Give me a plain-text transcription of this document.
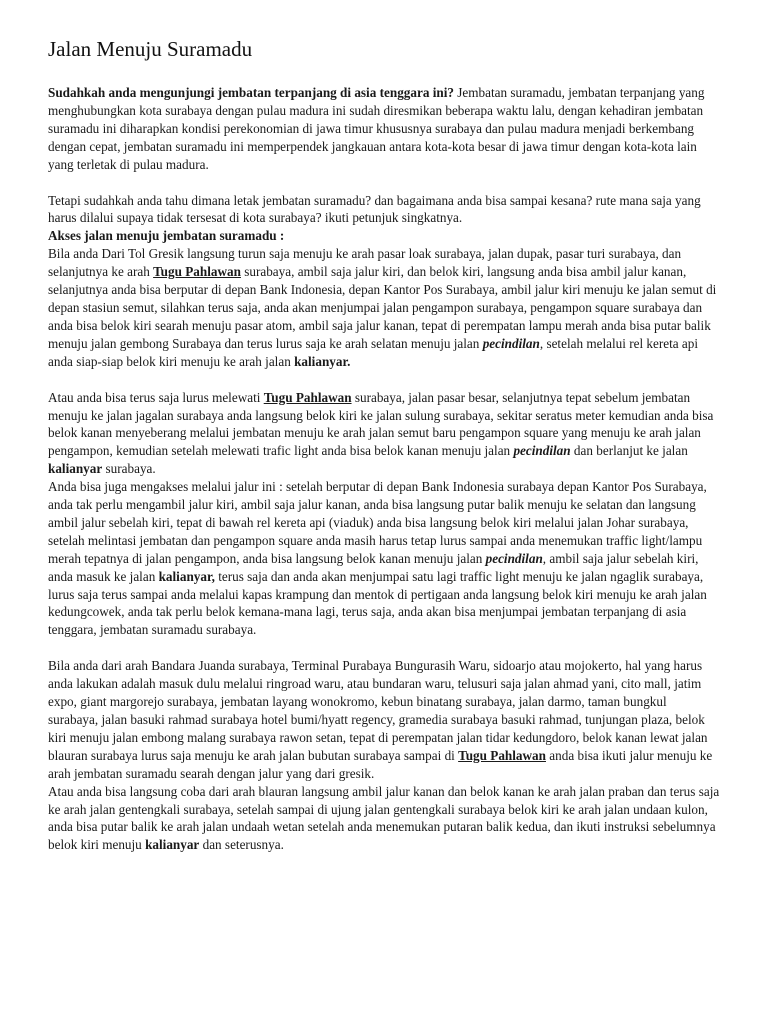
Jalan Menuju Suramadu

Sudahkah anda mengunjungi jembatan terpanjang di asia tenggara ini? Jembatan suramadu, jembatan terpanjang yang menghubungkan kota surabaya dengan pulau madura ini sudah diresmikan beberapa waktu lalu, dengan kehadiran jembatan suramadu ini diharapkan kondisi perekonomian di jawa timur khususnya surabaya dan pulau madura menjadi berkembang dengan cepat, jembatan suramadu ini memperpendek jangkauan antara kota-kota besar di jawa timur dengan kota-kota lain yang terletak di pulau madura.

Tetapi sudahkah anda tahu dimana letak jembatan suramadu? dan bagaimana anda bisa sampai kesana? rute mana saja yang harus dilalui supaya tidak tersesat di kota surabaya? ikuti petunjuk singkatnya.

Akses jalan menuju jembatan suramadu :

Bila anda Dari Tol Gresik langsung turun saja menuju ke arah pasar loak surabaya, jalan dupak, pasar turi surabaya, dan selanjutnya ke arah Tugu Pahlawan surabaya, ambil saja jalur kiri, dan belok kiri, langsung anda bisa ambil jalur kanan, selanjutnya anda bisa berputar di depan Bank Indonesia, depan Kantor Pos Surabaya, ambil jalur kiri menuju ke jalan semut di depan stasiun semut, silahkan terus saja, anda akan menjumpai jalan pengampon surabaya, pengampon square surabaya dan anda bisa belok kiri searah menuju pasar atom, ambil saja jalur kanan, tepat di perempatan lampu merah anda bisa putar balik menuju jalan gembong Surabaya dan terus lurus saja ke arah selatan menuju jalan pecindilan, setelah melalui rel kereta api anda siap-siap belok kiri menuju ke arah jalan kalianyar.

Atau anda bisa terus saja lurus melewati Tugu Pahlawan surabaya, jalan pasar besar, selanjutnya tepat sebelum jembatan menuju ke jalan jagalan surabaya anda langsung belok kiri ke jalan sulung surabaya, sekitar seratus meter kemudian anda bisa belok kanan menyeberang melalui jembatan menuju ke arah jalan semut baru pengampon square yang menuju ke arah jalan pengampon, kemudian setelah melewati trafic light anda bisa belok kanan menuju jalan pecindilan dan berlanjut ke jalan kalianyar surabaya.

Anda bisa juga mengakses melalui jalur ini : setelah berputar di depan Bank Indonesia surabaya depan Kantor Pos Surabaya, anda tak perlu mengambil jalur kiri, ambil saja jalur kanan, anda bisa langsung putar balik menuju ke selatan dan langsung ambil jalur sebelah kiri, tepat di bawah rel kereta api (viaduk) anda bisa langsung belok kiri melalui jalan Johar surabaya, setelah melintasi jembatan dan pengampon square anda masih harus tetap lurus sampai anda menemukan traffic light/lampu merah tepatnya di jalan pengampon, anda bisa langsung belok kanan menuju jalan pecindilan, ambil saja jalur sebelah kiri, anda masuk ke jalan kalianyar, terus saja dan anda akan menjumpai satu lagi traffic light menuju ke jalan ngaglik surabaya, lurus saja terus sampai anda melalui kapas krampung dan mentok di pertigaan anda langsung belok kiri menuju ke arah jalan kedungcowek, anda tak perlu belok kemana-mana lagi, terus saja, anda akan bisa menjumpai jembatan terpanjang di asia tenggara, jembatan suramadu surabaya.

Bila anda dari arah Bandara Juanda surabaya, Terminal Purabaya Bungurasih Waru, sidoarjo atau mojokerto, hal yang harus anda lakukan adalah masuk dulu melalui ringroad waru, atau bundaran waru, telusuri saja jalan ahmad yani, cito mall, jatim expo, giant margorejo surabaya, jembatan layang wonokromo, kebun binatang surabaya, jalan darmo, taman bungkul surabaya, jalan basuki rahmad surabaya hotel bumi/hyatt regency, gramedia surabaya basuki rahmad, tunjungan plaza, belok kiri menuju jalan embong malang surabaya rawon setan, tepat di perempatan jalan tidar kedungdoro, belok kanan lewat jalan blauran surabaya lurus saja menuju ke arah jalan bubutan surabaya sampai di Tugu Pahlawan anda bisa ikuti jalur menuju ke arah jembatan suramadu searah dengan jalur yang dari gresik.

Atau anda bisa langsung coba dari arah blauran langsung ambil jalur kanan dan belok kanan ke arah jalan praban dan terus saja ke arah jalan gentengkali surabaya, setelah sampai di ujung jalan gentengkali surabaya belok kiri ke arah jalan undaan kulon, anda bisa putar balik ke arah jalan undaah wetan setelah anda menemukan putaran balik kedua, dan ikuti instruksi sebelumnya belok kiri menuju kalianyar dan seterusnya.
